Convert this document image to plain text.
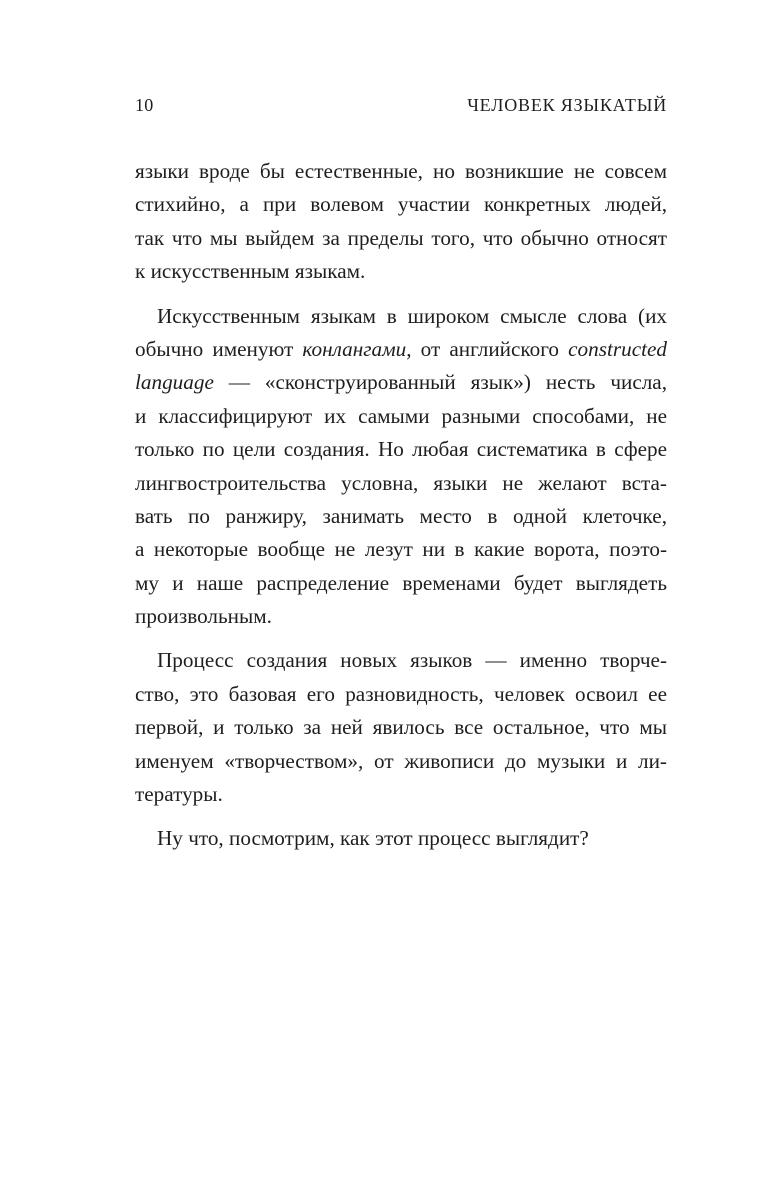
10	ЧЕЛОВЕК ЯЗЫКАТЫЙ
языки вроде бы естественные, но возникшие не совсем
стихийно, а при волевом участии конкретных людей,
так что мы выйдем за пределы того, что обычно относят
к искусственным языкам.
Искусственным языкам в широком смысле слова (их
обычно именуют конлангами, от английского constructed
language — «сконструированный язык») несть числа,
и классифицируют их самыми разными способами, не
только по цели создания. Но любая систематика в сфере
лингвостроительства условна, языки не желают вста-
вать по ранжиру, занимать место в одной клеточке,
а некоторые вообще не лезут ни в какие ворота, поэто-
му и наше распределение временами будет выглядеть
произвольным.
Процесс создания новых языков — именно творче-
ство, это базовая его разновидность, человек освоил ее
первой, и только за ней явилось все остальное, что мы
именуем «творчеством», от живописи до музыки и ли-
тературы.
Ну что, посмотрим, как этот процесс выглядит?
